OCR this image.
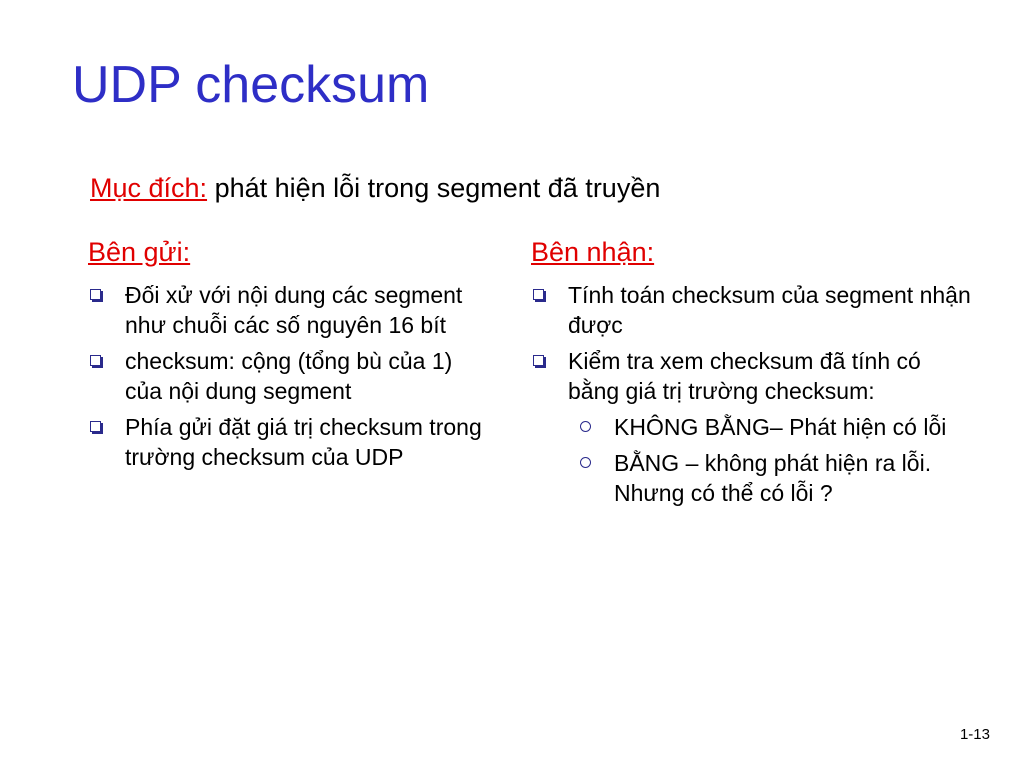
UDP checksum
Mục đích: phát hiện lỗi trong segment đã truyền
Bên gửi:
Đối xử với nội dung các segment như chuỗi các số nguyên 16 bít
checksum: cộng (tổng bù của 1) của nội dung segment
Phía gửi đặt giá trị checksum trong trường checksum của UDP
Bên nhận:
Tính toán checksum của segment nhận được
Kiểm tra xem checksum đã tính có bằng giá trị trường checksum:
KHÔNG BẰNG– Phát hiện có lỗi
BẰNG – không phát hiện ra lỗi. Nhưng có thể có lỗi ?
1-13
